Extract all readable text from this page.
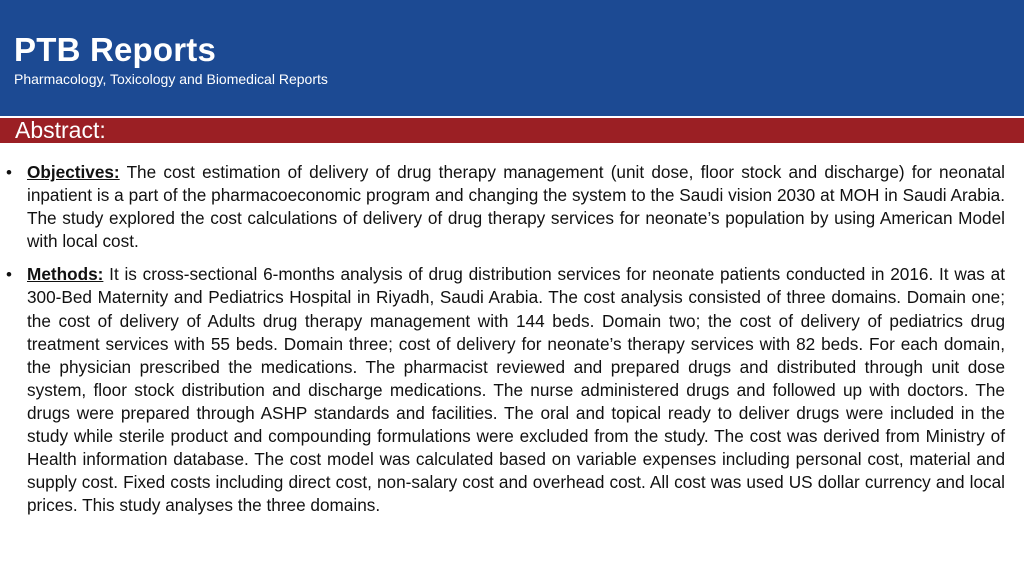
PTB Reports
Pharmacology, Toxicology and Biomedical Reports
Abstract:
• Objectives: The cost estimation of delivery of drug therapy management (unit dose, floor stock and discharge) for neonatal inpatient is a part of the pharmacoeconomic program and changing the system to the Saudi vision 2030 at MOH in Saudi Arabia. The study explored the cost calculations of delivery of drug therapy services for neonate’s population by using American Model with local cost.
• Methods: It is cross-sectional 6-months analysis of drug distribution services for neonate patients conducted in 2016. It was at 300-Bed Maternity and Pediatrics Hospital in Riyadh, Saudi Arabia. The cost analysis consisted of three domains. Domain one; the cost of delivery of Adults drug therapy management with 144 beds. Domain two; the cost of delivery of pediatrics drug treatment services with 55 beds. Domain three; cost of delivery for neonate’s therapy services with 82 beds. For each domain, the physician prescribed the medications. The pharmacist reviewed and prepared drugs and distributed through unit dose system, floor stock distribution and discharge medications. The nurse administered drugs and followed up with doctors. The drugs were prepared through ASHP standards and facilities. The oral and topical ready to deliver drugs were included in the study while sterile product and compounding formulations were excluded from the study. The cost was derived from Ministry of Health information database. The cost model was calculated based on variable expenses including personal cost, material and supply cost. Fixed costs including direct cost, non-salary cost and overhead cost. All cost was used US dollar currency and local prices. This study analyses the three domains.
